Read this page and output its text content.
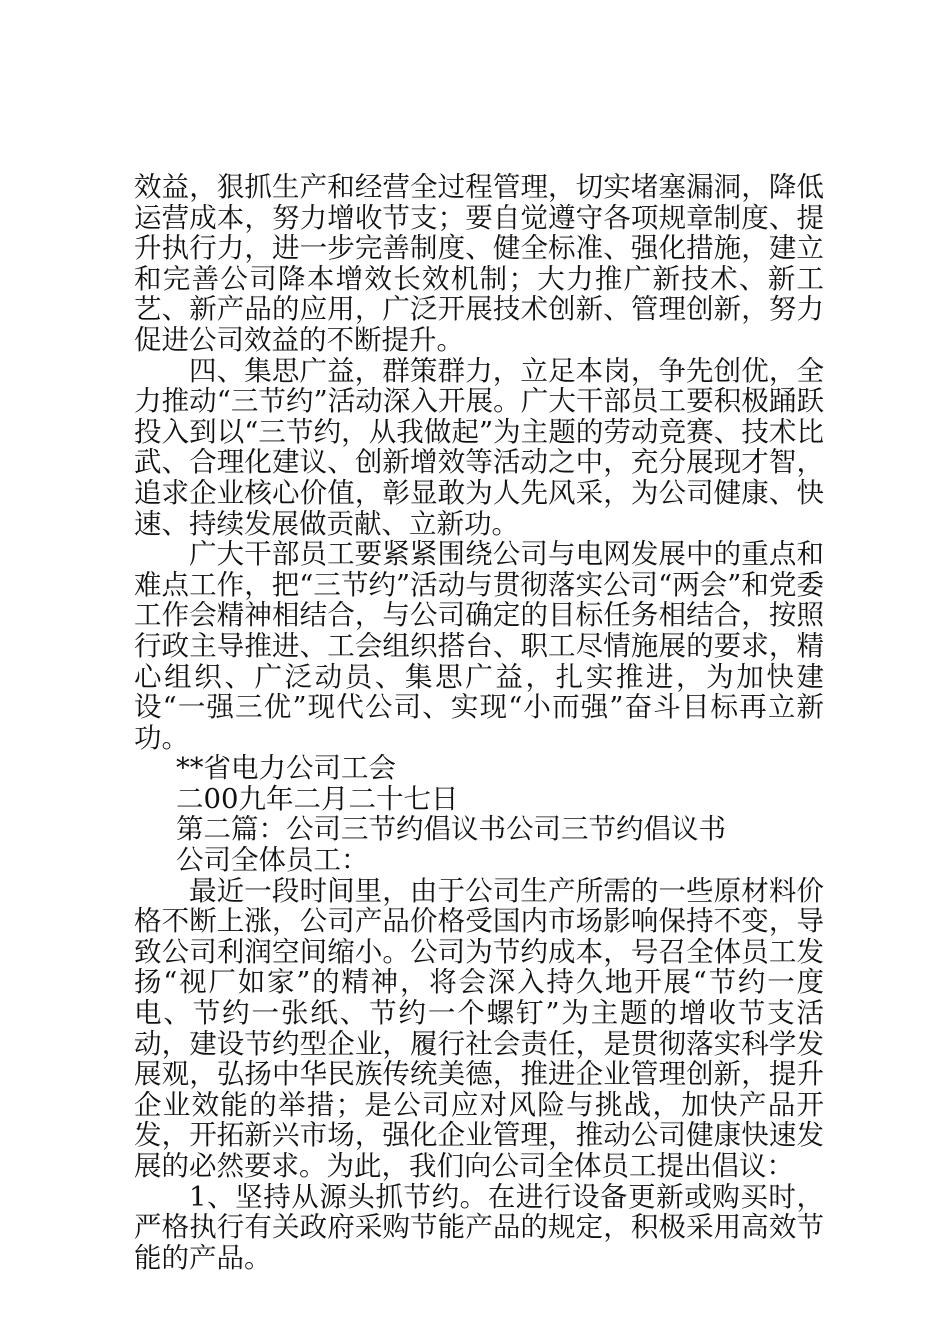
效益，狠抓生产和经营全过程管理，切实堵塞漏洞，降低运营成本，努力增收节支；要自觉遵守各项规章制度、提升执行力，进一步完善制度、健全标准、强化措施，建立和完善公司降本增效长效机制；大力推广新技术、新工艺、新产品的应用，广泛开展技术创新、管理创新，努力促进公司效益的不断提升。

四、集思广益，群策群力，立足本岗，争先创优，全力推动“三节约”活动深入开展。广大干部员工要积极踊跃投入到以“三节约，从我做起”为主题的劳动竞赛、技术比武、合理化建议、创新增效等活动之中，充分展现才智，追求企业核心价值，彰显敢为人先风采，为公司健康、快速、持续发展做贡献、立新功。

广大干部员工要紧紧围绕公司与电网发展中的重点和难点工作，把“三节约”活动与贯彻落实公司“两会”和党委工作会精神相结合，与公司确定的目标任务相结合，按照行政主导推进、工会组织搭台、职工尽情施展的要求，精心组织、广泛动员、集思广益，扎实推进，为加快建设“一强三优”现代公司、实现“小而强”奋斗目标再立新功。

**省电力公司工会

二00九年二月二十七日

第二篇：公司三节约倡议书公司三节约倡议书

公司全体员工：

最近一段时间里，由于公司生产所需的一些原材料价格不断上涨，公司产品价格受国内市场影响保持不变，导致公司利润空间缩小。公司为节约成本，号召全体员工发扬“视厂如家”的精神，将会深入持久地开展“节约一度电、节约一张纸、节约一个螺钉”为主题的增收节支活动，建设节约型企业，履行社会责任，是贯彻落实科学发展观，弘扬中华民族传统美德，推进企业管理创新，提升企业效能的举措；是公司应对风险与挑战，加快产品开发，开拓新兴市场，强化企业管理，推动公司健康快速发展的必然要求。为此，我们向公司全体员工提出倡议：

1、坚持从源头抓节约。在进行设备更新或购买时，严格执行有关政府采购节能产品的规定，积极采用高效节能的产品。
